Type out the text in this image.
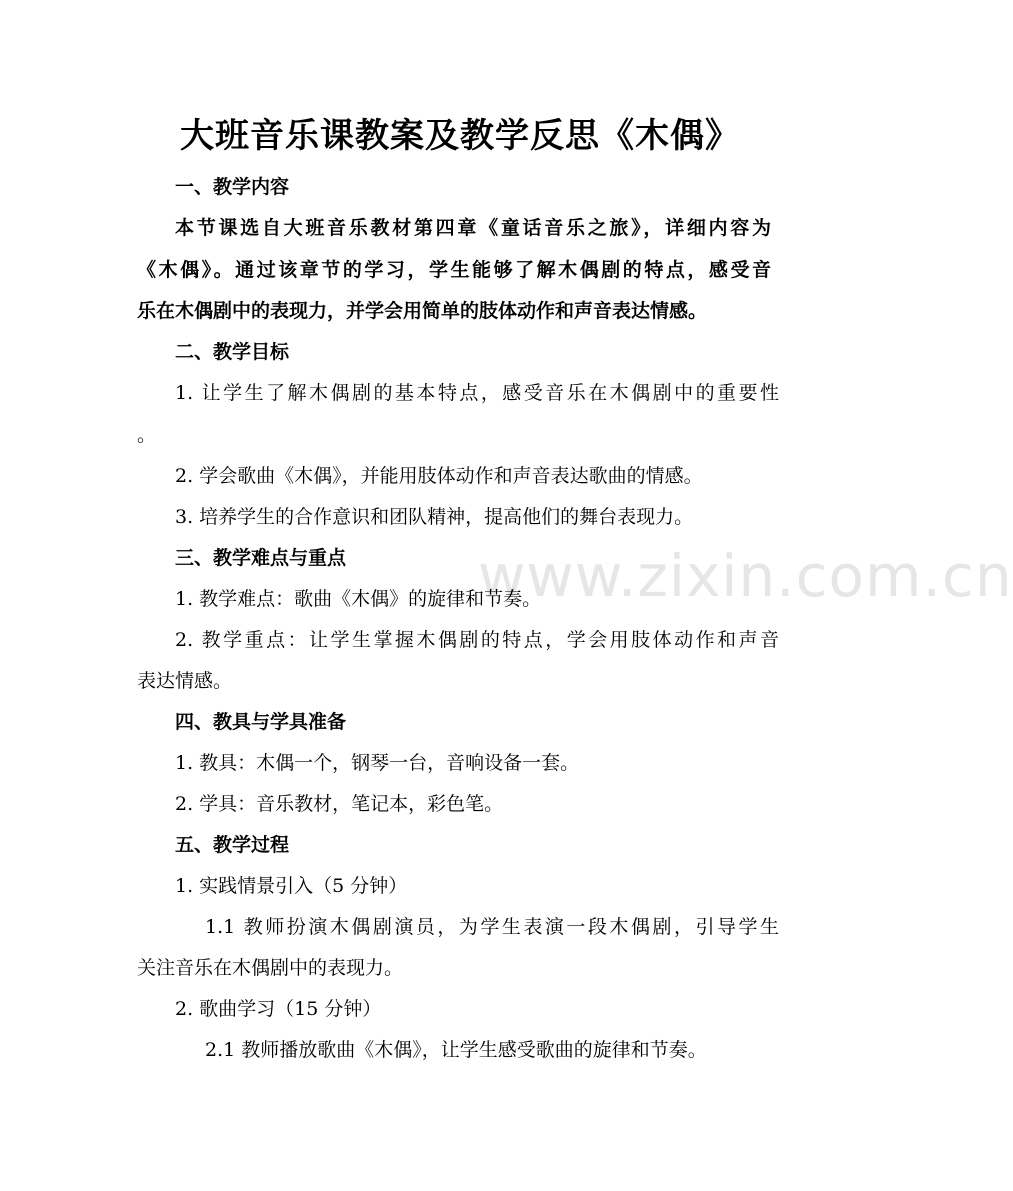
www.zixin.com.cn
大班音乐课教案及教学反思《木偶》
一、教学内容
本节课选自大班音乐教材第四章《童话音乐之旅》，详细内容为
《木偶》。通过该章节的学习，学生能够了解木偶剧的特点，感受音
乐在木偶剧中的表现力，并学会用简单的肢体动作和声音表达情感。
二、教学目标
1. 让学生了解木偶剧的基本特点，感受音乐在木偶剧中的重要性
。
2. 学会歌曲《木偶》，并能用肢体动作和声音表达歌曲的情感。
3. 培养学生的合作意识和团队精神，提高他们的舞台表现力。
三、教学难点与重点
1. 教学难点：歌曲《木偶》的旋律和节奏。
2. 教学重点：让学生掌握木偶剧的特点，学会用肢体动作和声音
表达情感。
四、教具与学具准备
1. 教具：木偶一个，钢琴一台，音响设备一套。
2. 学具：音乐教材，笔记本，彩色笔。
五、教学过程
1. 实践情景引入（5 分钟）
1.1 教师扮演木偶剧演员，为学生表演一段木偶剧，引导学生
关注音乐在木偶剧中的表现力。
2. 歌曲学习（15 分钟）
2.1 教师播放歌曲《木偶》，让学生感受歌曲的旋律和节奏。
